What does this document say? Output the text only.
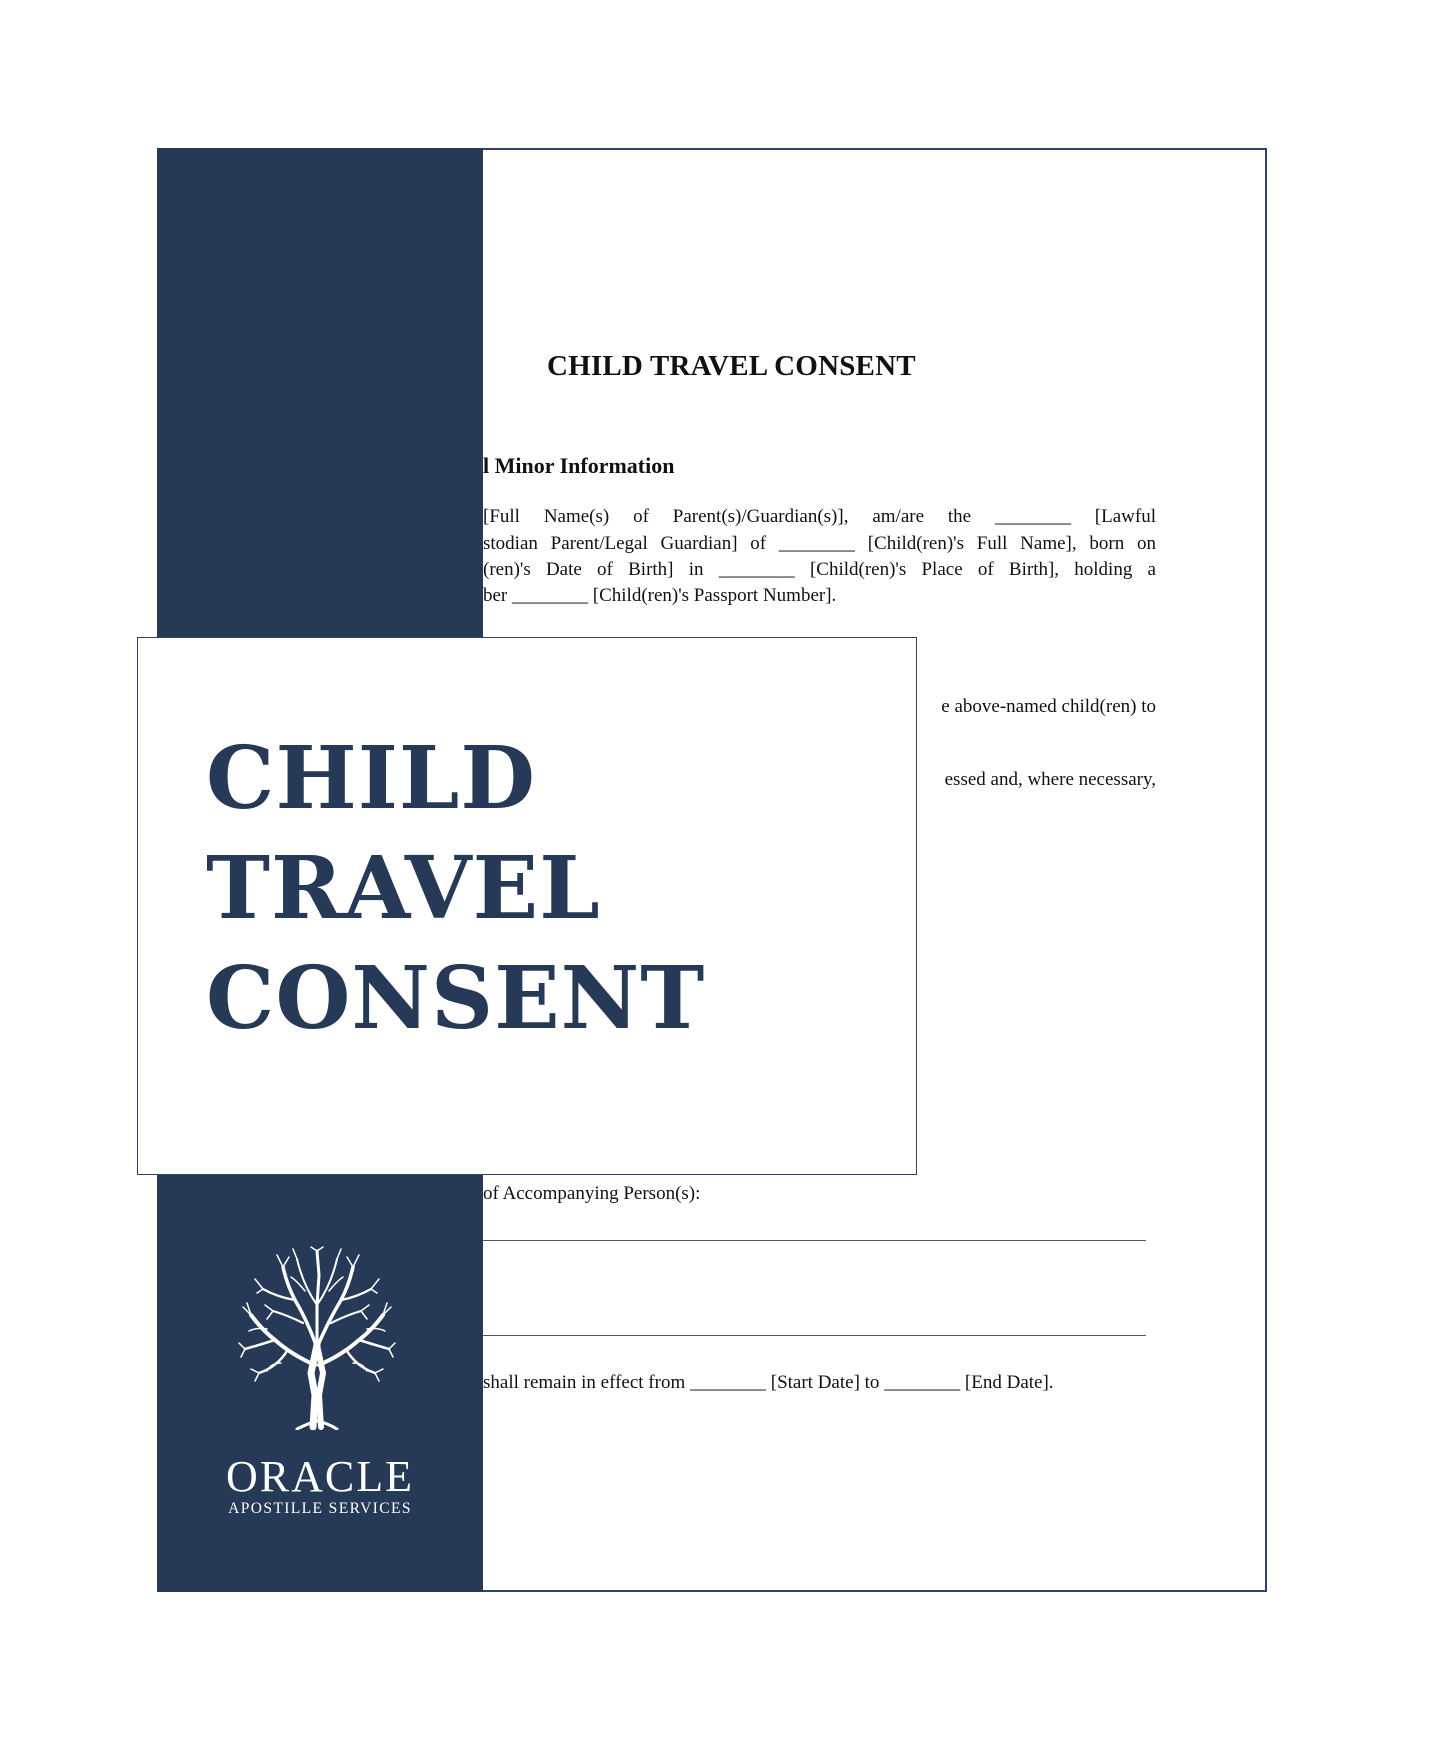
CHILD TRAVEL CONSENT
l Minor Information
[Full Name(s) of Parent(s)/Guardian(s)], am/are the ________ [Lawful
stodian Parent/Legal Guardian] of ________ [Child(ren)'s Full Name], born on
(ren)'s Date of Birth] in ________ [Child(ren)'s Place of Birth], holding a
ber ________ [Child(ren)'s Passport Number].
e above-named child(ren) to
essed and, where necessary,
of Accompanying Person(s):
shall remain in effect from ________ [Start Date] to ________ [End Date].
CHILD
TRAVEL
CONSENT
ORACLE
APOSTILLE SERVICES
